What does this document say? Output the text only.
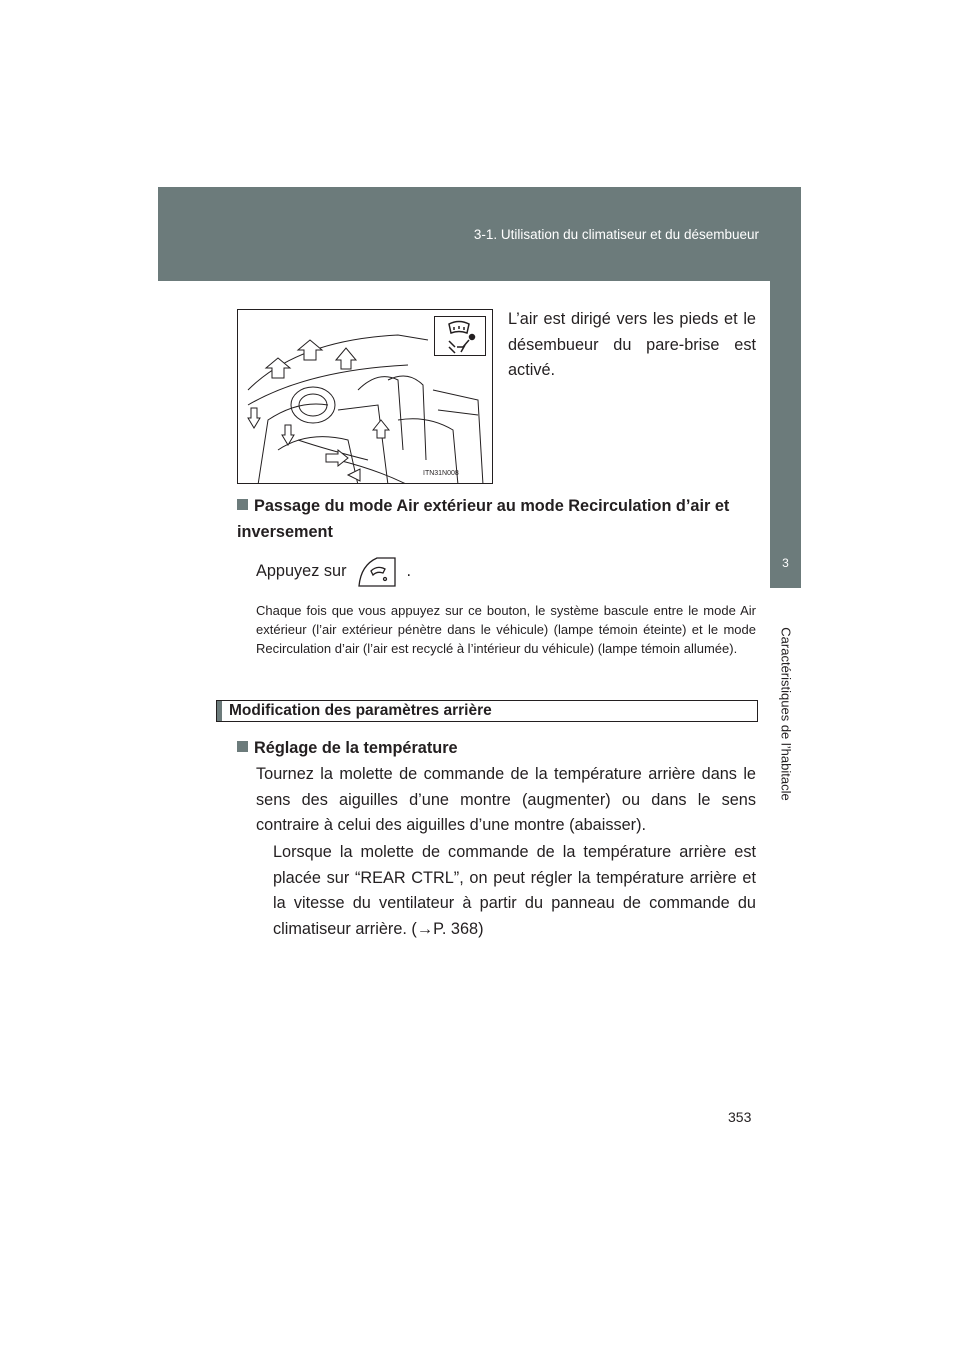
3-1. Utilisation du climatiseur et du désembueur
3
Caractéristiques de l’habitacle
ITN31N008
L’air est dirigé vers les pieds et le désembueur du pare-brise est activé.
Passage du mode Air extérieur au mode Recirculation d’air et inversement
Appuyez sur	.
Chaque fois que vous appuyez sur ce bouton, le système bascule entre le mode Air extérieur (l’air extérieur pénètre dans le véhicule) (lampe témoin éteinte) et le mode Recirculation d’air (l’air est recyclé à l’intérieur du véhicule) (lampe témoin allumée).
Modification des paramètres arrière
Réglage de la température
Tournez la molette de commande de la température arrière dans le sens des aiguilles d’une montre (augmenter) ou dans le sens contraire à celui des aiguilles d’une montre (abaisser).
Lorsque la molette de commande de la température arrière est placée sur “REAR CTRL”, on peut régler la température arrière et la vitesse du ventilateur à partir du panneau de commande du climatiseur arrière. (→P. 368)
353
